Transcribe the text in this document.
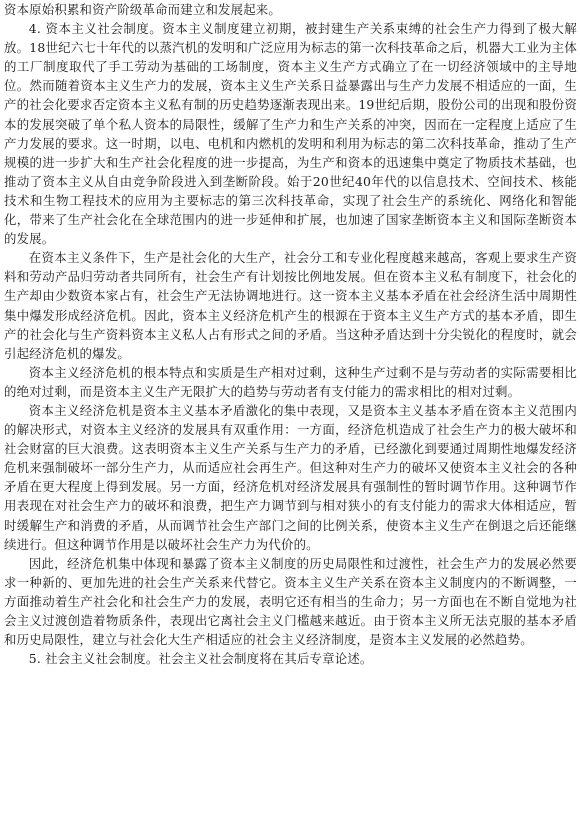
资本原始积累和资产阶级革命而建立和发展起来。

4. 资本主义社会制度。资本主义制度建立初期，被封建生产关系束缚的社会生产力得到了极大解放。18世纪六七十年代的以蒸汽机的发明和广泛应用为标志的第一次科技革命之后，机器大工业为主体的工厂制度取代了手工劳动为基础的工场制度，资本主义生产方式确立了在一切经济领域中的主导地位。然而随着资本主义生产力的发展，资本主义生产关系日益暴露出与生产力发展不相适应的一面，生产的社会化要求否定资本主义私有制的历史趋势逐渐表现出来。19世纪后期，股份公司的出现和股份资本的发展突破了单个私人资本的局限性，缓解了生产力和生产关系的冲突，因而在一定程度上适应了生产力发展的要求。这一时期，以电、电机和内燃机的发明和利用为标志的第二次科技革命，推动了生产规模的进一步扩大和生产社会化程度的进一步提高，为生产和资本的迅速集中奠定了物质技术基础，也推动了资本主义从自由竞争阶段进入到垄断阶段。始于20世纪40年代的以信息技术、空间技术、核能技术和生物工程技术的应用为主要标志的第三次科技革命，实现了社会生产的系统化、网络化和智能化，带来了生产社会化在全球范围内的进一步延伸和扩展，也加速了国家垄断资本主义和国际垄断资本的发展。

在资本主义条件下，生产是社会化的大生产，社会分工和专业化程度越来越高，客观上要求生产资料和劳动产品归劳动者共同所有，社会生产有计划按比例地发展。但在资本主义私有制度下，社会化的生产却由少数资本家占有，社会生产无法协调地进行。这一资本主义基本矛盾在社会经济生活中周期性集中爆发形成经济危机。因此，资本主义经济危机产生的根源在于资本主义生产方式的基本矛盾，即生产的社会化与生产资料资本主义私人占有形式之间的矛盾。当这种矛盾达到十分尖锐化的程度时，就会引起经济危机的爆发。

资本主义经济危机的根本特点和实质是生产相对过剩，这种生产过剩不是与劳动者的实际需要相比的绝对过剩，而是资本主义生产无限扩大的趋势与劳动者有支付能力的需求相比的相对过剩。

资本主义经济危机是资本主义基本矛盾激化的集中表现，又是资本主义基本矛盾在资本主义范围内的解决形式，对资本主义经济的发展具有双重作用：一方面，经济危机造成了社会生产力的极大破坏和社会财富的巨大浪费。这表明资本主义生产关系与生产力的矛盾，已经激化到要通过周期性地爆发经济危机来强制破坏一部分生产力，从而适应社会再生产。但这种对生产力的破坏又使资本主义社会的各种矛盾在更大程度上得到发展。另一方面，经济危机对经济发展具有强制性的暂时调节作用。这种调节作用表现在对社会生产力的破坏和浪费，把生产力调节到与相对狭小的有支付能力的需求大体相适应，暂时缓解生产和消费的矛盾，从而调节社会生产部门之间的比例关系，使资本主义生产在倒退之后还能继续进行。但这种调节作用是以破坏社会生产力为代价的。

因此，经济危机集中体现和暴露了资本主义制度的历史局限性和过渡性，社会生产力的发展必然要求一种新的、更加先进的社会生产关系来代替它。资本主义生产关系在资本主义制度内的不断调整，一方面推动着生产社会化和社会生产力的发展，表明它还有相当的生命力；另一方面也在不断自觉地为社会主义过渡创造着物质条件，表现出它离社会主义门槛越来越近。由于资本主义所无法克服的基本矛盾和历史局限性，建立与社会化大生产相适应的社会主义经济制度，是资本主义发展的必然趋势。

5. 社会主义社会制度。社会主义社会制度将在其后专章论述。
